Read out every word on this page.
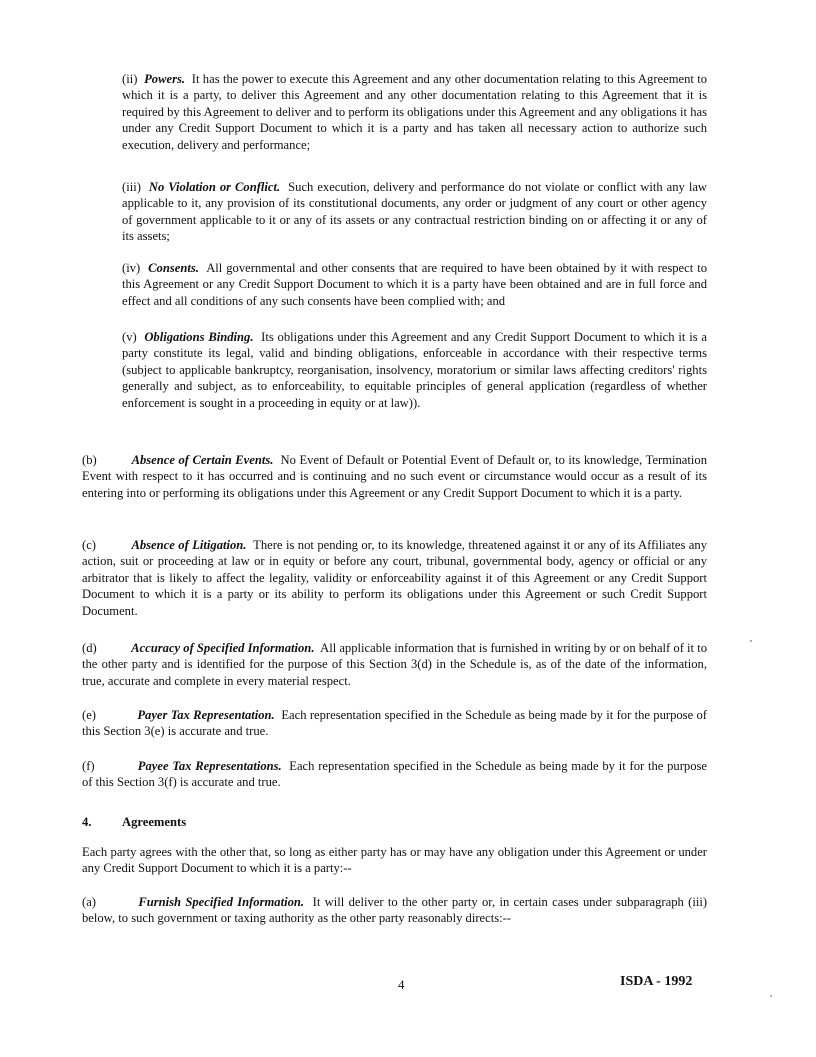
(ii) Powers. It has the power to execute this Agreement and any other documentation relating to this Agreement to which it is a party, to deliver this Agreement and any other documentation relating to this Agreement that it is required by this Agreement to deliver and to perform its obligations under this Agreement and any obligations it has under any Credit Support Document to which it is a party and has taken all necessary action to authorize such execution, delivery and performance;

(iii) No Violation or Conflict. Such execution, delivery and performance do not violate or conflict with any law applicable to it, any provision of its constitutional documents, any order or judgment of any court or other agency of government applicable to it or any of its assets or any contractual restriction binding on or affecting it or any of its assets;

(iv) Consents. All governmental and other consents that are required to have been obtained by it with respect to this Agreement or any Credit Support Document to which it is a party have been obtained and are in full force and effect and all conditions of any such consents have been complied with; and

(v) Obligations Binding. Its obligations under this Agreement and any Credit Support Document to which it is a party constitute its legal, valid and binding obligations, enforceable in accordance with their respective terms (subject to applicable bankruptcy, reorganisation, insolvency, moratorium or similar laws affecting creditors' rights generally and subject, as to enforceability, to equitable principles of general application (regardless of whether enforcement is sought in a proceeding in equity or at law)).

(b)	Absence of Certain Events. No Event of Default or Potential Event of Default or, to its knowledge, Termination Event with respect to it has occurred and is continuing and no such event or circumstance would occur as a result of its entering into or performing its obligations under this Agreement or any Credit Support Document to which it is a party.

(c)	Absence of Litigation. There is not pending or, to its knowledge, threatened against it or any of its Affiliates any action, suit or proceeding at law or in equity or before any court, tribunal, governmental body, agency or official or any arbitrator that is likely to affect the legality, validity or enforceability against it of this Agreement or any Credit Support Document to which it is a party or its ability to perform its obligations under this Agreement or such Credit Support Document.

(d)	Accuracy of Specified Information. All applicable information that is furnished in writing by or on behalf of it to the other party and is identified for the purpose of this Section 3(d) in the Schedule is, as of the date of the information, true, accurate and complete in every material respect.

(e)	Payer Tax Representation. Each representation specified in the Schedule as being made by it for the purpose of this Section 3(e) is accurate and true.

(f)	Payee Tax Representations. Each representation specified in the Schedule as being made by it for the purpose of this Section 3(f) is accurate and true.

4. Agreements

Each party agrees with the other that, so long as either party has or may have any obligation under this Agreement or under any Credit Support Document to which it is a party:--

(a)	Furnish Specified Information. It will deliver to the other party or, in certain cases under subparagraph (iii) below, to such government or taxing authority as the other party reasonably directs:--

4	ISDA - 1992
